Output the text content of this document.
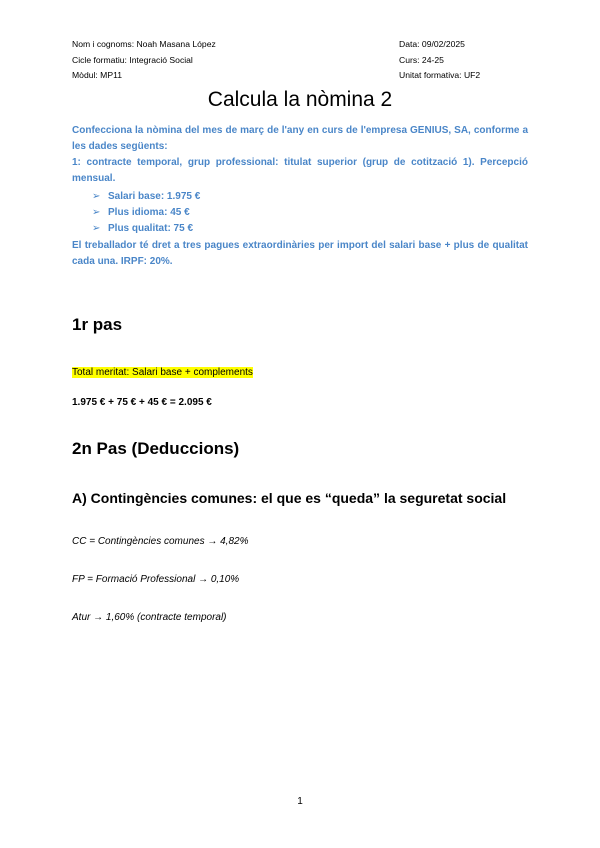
Nom i cognoms: Noah Masana López
Cicle formatiu: Integració Social
Mòdul: MP11
Data: 09/02/2025
Curs: 24-25
Unitat formativa: UF2
Calcula la nòmina 2
Confecciona la nòmina del mes de març de l'any en curs de l'empresa GENIUS, SA, conforme a les dades següents:
1: contracte temporal, grup professional: titulat superior (grup de cotització 1). Percepció mensual.
➢ Salari base: 1.975 €
➢ Plus idioma: 45 €
➢ Plus qualitat: 75 €
El treballador té dret a tres pagues extraordinàries per import del salari base + plus de qualitat cada una. IRPF: 20%.
1r pas
Total meritat: Salari base + complements
1.975 € + 75 € + 45 € = 2.095 €
2n Pas (Deduccions)
A) Contingències comunes: el que es “queda” la seguretat social
CC = Contingències comunes → 4,82%
FP = Formació Professional → 0,10%
Atur → 1,60% (contracte temporal)
1
